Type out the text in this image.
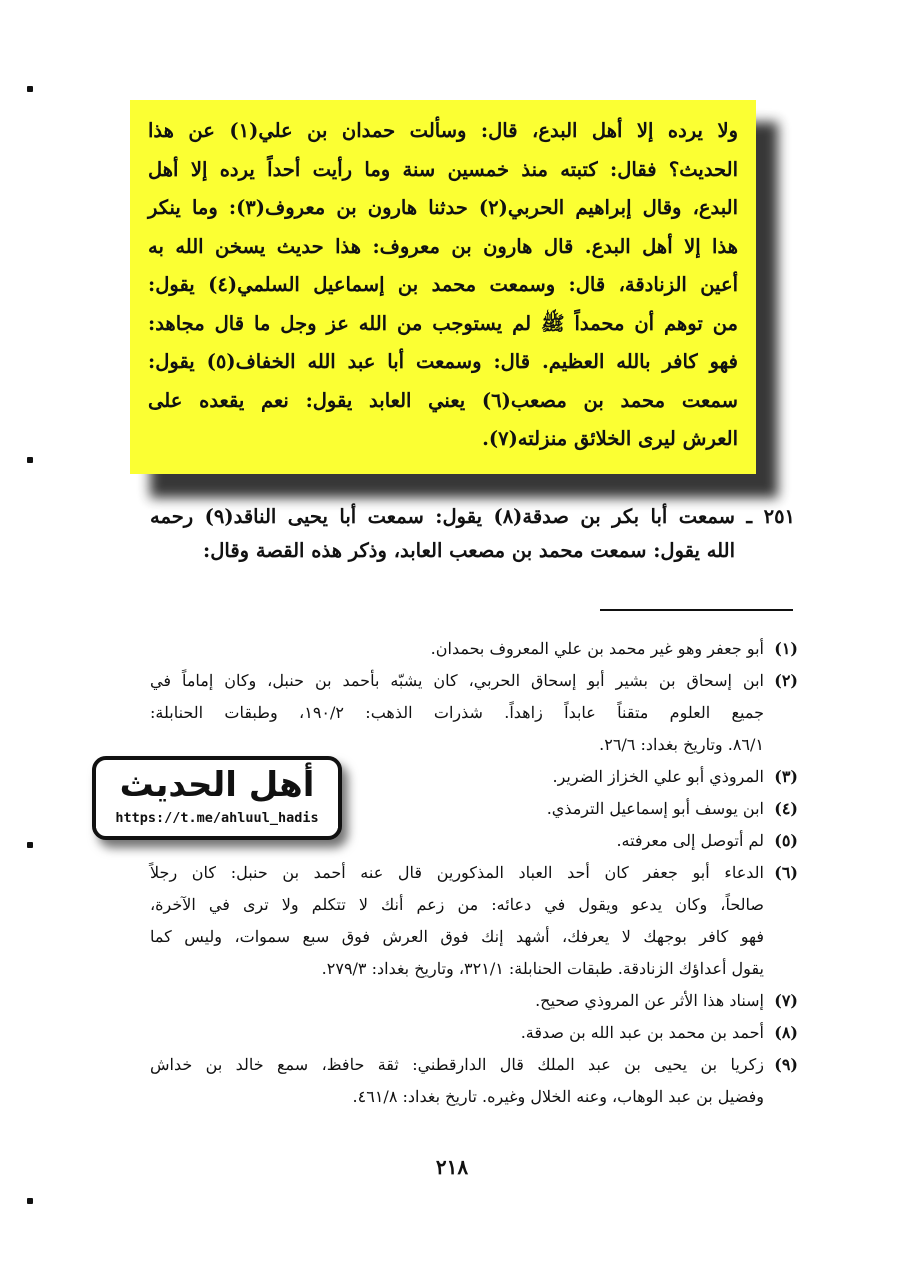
ولا يرده إلا أهل البدع، قال: وسألت حمدان بن علي(١) عن هذا
الحديث؟ فقال: كتبته منذ خمسين سنة وما رأيت أحداً يرده إلا أهل
البدع، وقال إبراهيم الحربي(٢) حدثنا هارون بن معروف(٣): وما ينكر
هذا إلا أهل البدع. قال هارون بن معروف: هذا حديث يسخن الله به
أعين الزنادقة، قال: وسمعت محمد بن إسماعيل السلمي(٤) يقول:
من توهم أن محمداً ﷺ لم يستوجب من الله عز وجل ما قال مجاهد:
فهو كافر بالله العظيم. قال: وسمعت أبا عبد الله الخفاف(٥) يقول:
سمعت محمد بن مصعب(٦) يعني العابد يقول: نعم يقعده على
العرش ليرى الخلائق منزلته(٧).
٢٥١ ـ سمعت أبا بكر بن صدقة(٨) يقول: سمعت أبا يحيى الناقد(٩) رحمه
الله يقول: سمعت محمد بن مصعب العابد، وذكر هذه القصة وقال:
(١)أبو جعفر وهو غير محمد بن علي المعروف بحمدان.
(٢)ابن إسحاق بن بشير أبو إسحاق الحربي، كان يشبّه بأحمد بن حنبل، وكان إماماً في
جميع العلوم متقناً عابداً زاهداً. شذرات الذهب: ١٩٠/٢، وطبقات الحنابلة:
٨٦/١. وتاريخ بغداد: ٢٦/٦.
(٣)المروذي أبو علي الخزاز الضرير.
(٤)ابن يوسف أبو إسماعيل الترمذي.
(٥)لم أتوصل إلى معرفته.
(٦)الدعاء أبو جعفر كان أحد العباد المذكورين قال عنه أحمد بن حنبل: كان رجلاً
صالحاً، وكان يدعو ويقول في دعائه: من زعم أنك لا تتكلم ولا ترى في الآخرة،
فهو كافر بوجهك لا يعرفك، أشهد إنك فوق العرش فوق سبع سموات، وليس كما
يقول أعداؤك الزنادقة. طبقات الحنابلة: ٣٢١/١، وتاريخ بغداد: ٢٧٩/٣.
(٧)إسناد هذا الأثر عن المروذي صحيح.
(٨)أحمد بن محمد بن عبد الله بن صدقة.
(٩)زكريا بن يحيى بن عبد الملك قال الدارقطني: ثقة حافظ، سمع خالد بن خداش
وفضيل بن عبد الوهاب، وعنه الخلال وغيره. تاريخ بغداد: ٤٦١/٨.
أهل الحديث
https://t.me/ahluul_hadis
٢١٨
